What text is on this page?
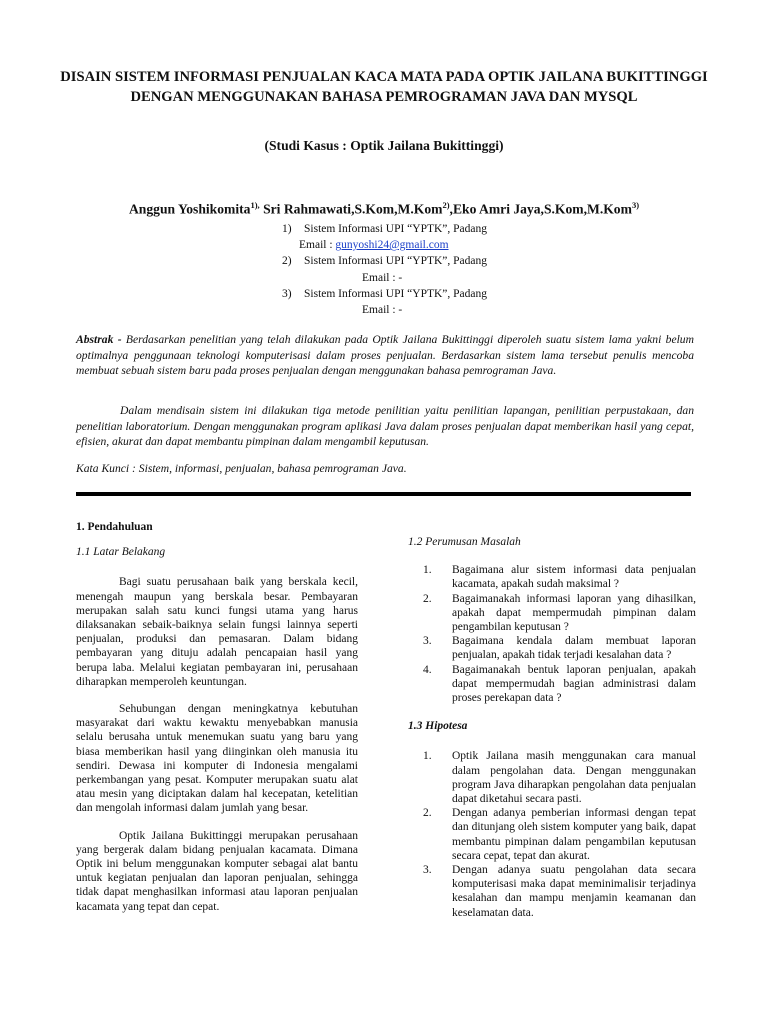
DISAIN SISTEM INFORMASI PENJUALAN KACA MATA PADA OPTIK JAILANA BUKITTINGGI DENGAN MENGGUNAKAN BAHASA PEMROGRAMAN JAVA DAN MYSQL
(Studi Kasus : Optik Jailana Bukittinggi)

Anggun Yoshikomita$^{1),}$ Sri Rahmawati,S.Kom,M.Kom$^{2)}$,Eko Amri Jaya,S.Kom,M.Kom$^{3)}$

1) Sistem Informasi UPI “YPTK”, Padang
Email : gunyoshi24@gmail.com
2) Sistem Informasi UPI “YPTK”, Padang
Email : -
3) Sistem Informasi UPI “YPTK”, Padang
Email : -

Abstrak - Berdasarkan penelitian yang telah dilakukan pada Optik Jailana Bukittinggi diperoleh suatu sistem lama yakni belum optimalnya penggunaan teknologi komputerisasi dalam proses penjualan. Berdasarkan sistem lama tersebut penulis mencoba membuat sebuah sistem baru pada proses penjualan dengan menggunakan bahasa pemrograman Java.

Dalam mendisain sistem ini dilakukan tiga metode penilitian yaitu penilitian lapangan, penilitian perpustakaan, dan penelitian laboratorium. Dengan menggunakan program aplikasi Java dalam proses penjualan dapat memberikan hasil yang cepat, efisien, akurat dan dapat membantu pimpinan dalam mengambil keputusan.

Kata Kunci : Sistem, informasi, penjualan, bahasa pemrograman Java.

1. Pendahuluan

1.1 Latar Belakang

Bagi suatu perusahaan baik yang berskala kecil, menengah maupun yang berskala besar. Pembayaran merupakan salah satu kunci fungsi utama yang harus dilaksanakan sebaik-baiknya selain fungsi lainnya seperti penjualan, produksi dan pemasaran. Dalam bidang pembayaran yang dituju adalah pencapaian hasil yang berupa laba. Melalui kegiatan pembayaran ini, perusahaan diharapkan memperoleh keuntungan.

Sehubungan dengan meningkatnya kebutuhan masyarakat dari waktu kewaktu menyebabkan manusia selalu berusaha untuk menemukan suatu yang baru yang biasa memberikan hasil yang diinginkan oleh manusia itu sendiri. Dewasa ini komputer di Indonesia mengalami perkembangan yang pesat. Komputer merupakan suatu alat atau mesin yang diciptakan dalam hal kecepatan, ketelitian dan mengolah informasi dalam jumlah yang besar.

Optik Jailana Bukittinggi merupakan perusahaan yang bergerak dalam bidang penjualan kacamata. Dimana Optik ini belum menggunakan komputer sebagai alat bantu untuk kegiatan penjualan dan laporan penjualan, sehingga tidak dapat menghasilkan informasi atau laporan penjualan kacamata yang tepat dan cepat.

1.2 Perumusan Masalah

1. Bagaimana alur sistem informasi data penjualan kacamata, apakah sudah maksimal ?
2. Bagaimanakah informasi laporan yang dihasilkan, apakah dapat mempermudah pimpinan dalam pengambilan keputusan ?
3. Bagaimana kendala dalam membuat laporan penjualan, apakah tidak terjadi kesalahan data ?
4. Bagaimanakah bentuk laporan penjualan, apakah dapat mempermudah bagian administrasi dalam proses perekapan data ?

1.3 Hipotesa

1. Optik Jailana masih menggunakan cara manual dalam pengolahan data. Dengan menggunakan program Java diharapkan pengolahan data penjualan dapat diketahui secara pasti.
2. Dengan adanya pemberian informasi dengan tepat dan ditunjang oleh sistem komputer yang baik, dapat membantu pimpinan dalam pengambilan keputusan secara cepat, tepat dan akurat.
3. Dengan adanya suatu pengolahan data secara komputerisasi maka dapat meminimalisir terjadinya kesalahan dan mampu menjamin keamanan dan keselamatan data.
